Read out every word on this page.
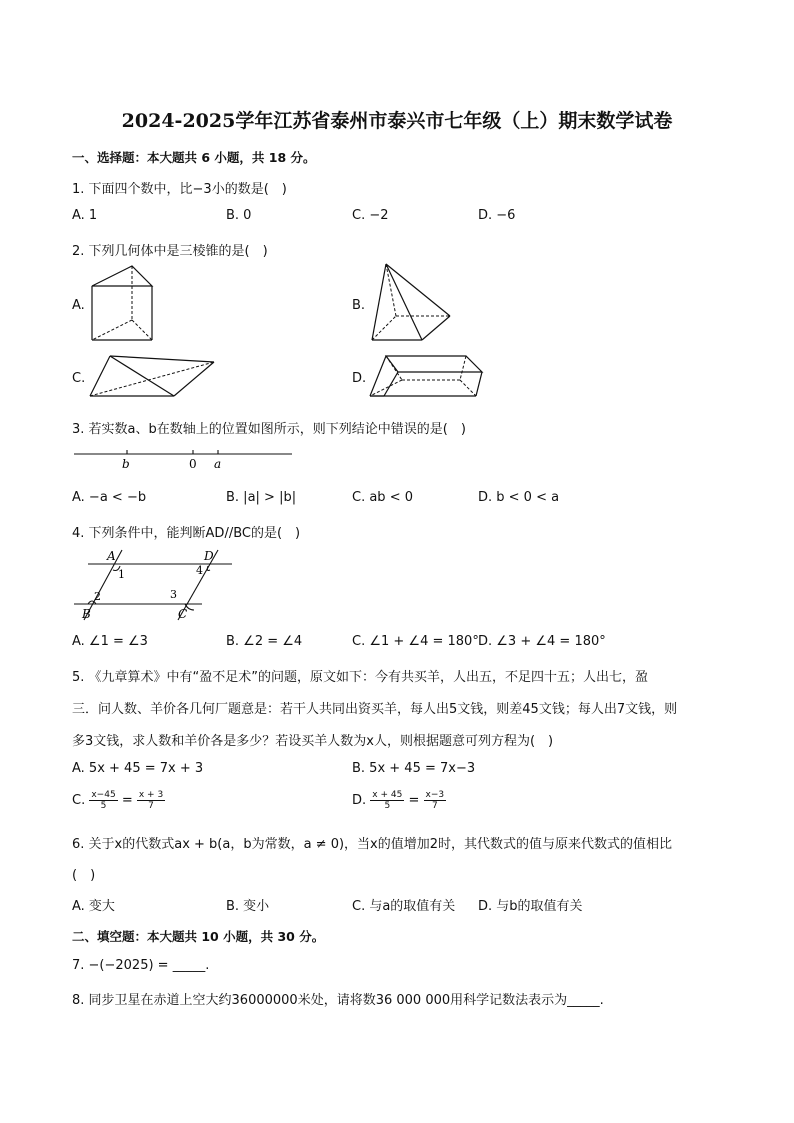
2024-2025学年江苏省泰州市泰兴市七年级（上）期末数学试卷
一、选择题：本大题共 6 小题，共 18 分。
1. 下面四个数中，比−3小的数是(　)
A. 1	B. 0	C. −2	D. −6
2. 下列几何体中是三棱锥的是(　)
A.	B.
C.	D.
3. 若实数a、b在数轴上的位置如图所示，则下列结论中错误的是(　)
b	0 a
A. −a < −b	B. |a| > |b|	C. ab < 0	D. b < 0 < a
4. 下列条件中，能判断AD//BC的是(　)
A	D
B	C
1
2	3
4
A. ∠1 = ∠3	B. ∠2 = ∠4	C. ∠1 + ∠4 = 180° D. ∠3 + ∠4 = 180°
5. 《九章算术》中有“盈不足术”的问题，原文如下：今有共买羊，人出五，不足四十五；人出七，盈
三．问人数、羊价各几何厂题意是：若干人共同出资买羊，每人出5文钱，则差45文钱；每人出7文钱，则
多3文钱，求人数和羊价各是多少？若设买羊人数为x人，则根据题意可列方程为(　)
A. 5x + 45 = 7x + 3	B. 5x + 45 = 7x−3
C. $\frac{x-45}{5} = \frac{x + 3}{7}$	D. $\frac{x + 45}{5} = \frac{x-3}{7}$
6. 关于x的代数式ax + b(a，b为常数，a ≠ 0)，当x的值增加2时，其代数式的值与原来代数式的值相比
(　)
A. 变大	B. 变小	C. 与a的取值有关 D. 与b的取值有关
二、填空题：本大题共 10 小题，共 30 分。
7. −(−2025) = _____.
8. 同步卫星在赤道上空大约36000000米处，请将数36 000 000用科学记数法表示为_____.
